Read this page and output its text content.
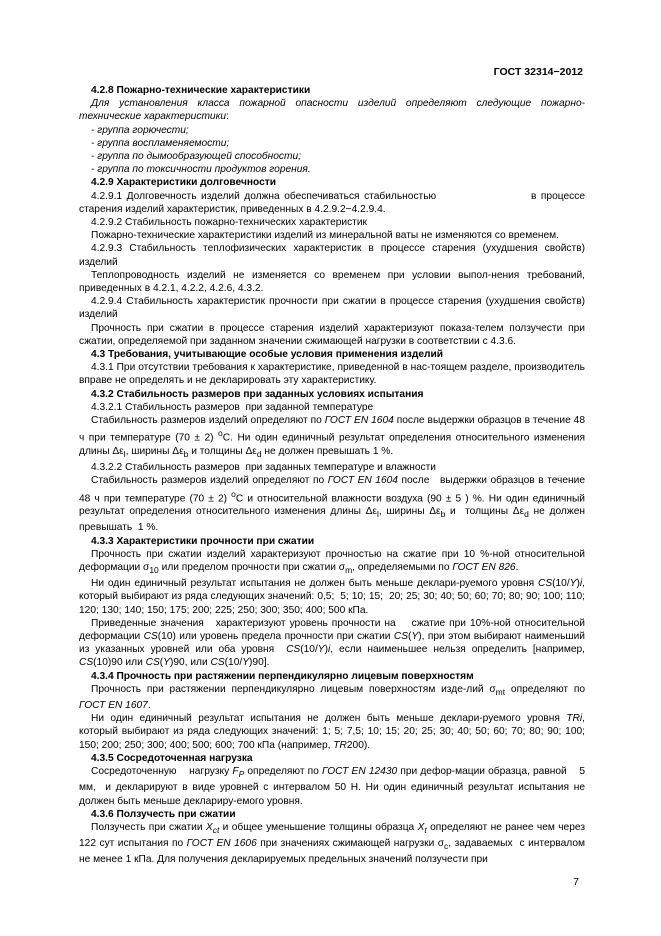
ГОСТ 32314−2012

4.2.8 Пожарно-технические характеристики

Для установления класса пожарной опасности изделий определяют следующие пожарно-технические характеристики:

- группа горючести;

- группа воспламеняемости;

- группа по дымообразующей способности;

- группа по токсичности продуктов горения.

4.2.9 Характеристики долговечности

4.2.9.1 Долговечность изделий должна обеспечиваться стабильностью                     в процессе старения изделий характеристик, приведенных в 4.2.9.2−4.2.9.4.

4.2.9.2 Стабильность пожарно-технических характеристик

Пожарно-технические характеристики изделий из минеральной ваты не изменяются со временем.

4.2.9.3 Стабильность теплофизических характеристик в процессе старения (ухудшения свойств) изделий

Теплопроводность изделий не изменяется со временем при условии выпол-нения требований, приведенных в 4.2.1, 4.2.2, 4.2.6, 4.3.2.

4.2.9.4 Стабильность характеристик прочности при сжатии в процессе старения (ухудшения свойств) изделий

Прочность при сжатии в процессе старения изделий характеризуют показа-телем ползучести при сжатии, определяемой при заданном значении сжимающей нагрузки в соответствии с 4.3.6.

4.3 Требования, учитывающие особые условия применения изделий

4.3.1 При отсутствии требования к характеристике, приведенной в нас-тоящем разделе, производитель вправе не определять и не декларировать эту характеристику.

4.3.2 Стабильность размеров при заданных условиях испытания

4.3.2.1 Стабильность размеров  при заданной температуре

Стабильность размеров изделий определяют по ГОСТ EN 1604 после выдержки образцов в течение 48 ч при температуре (70 ± 2) $^о$С. Ни один единичный результат определения относительного изменения длины $\Delta\varepsilon_l$, ширины $\Delta\varepsilon_b$ и толщины $\Delta\varepsilon_d$ не должен превышать 1 %.

4.3.2.2 Стабильность размеров  при заданных температуре и влажности

Стабильность размеров изделий определяют по ГОСТ EN 1604 после   выдержки образцов в течение 48 ч при температуре (70 ± 2) $^о$С и относительной влажности воздуха (90 ± 5 ) %. Ни один единичный результат определения относительного изменения длины $\Delta\varepsilon_l$, ширины $\Delta\varepsilon_b$ и  толщины $\Delta\varepsilon_d$ не должен превышать  1 %.

4.3.3 Характеристики прочности при сжатии

Прочность при сжатии изделий характеризуют прочностью на сжатие при 10 %-ной относительной деформации $\sigma_{10}$ или пределом прочности при сжатии $\sigma_m$, определяемыми по ГОСТ EN 826.

Ни один единичный результат испытания не должен быть меньше деклари-руемого уровня CS(10/Y)i, который выбирают из ряда следующих значений: 0,5;  5; 10; 15;  20; 25; 30; 40; 50; 60; 70; 80; 90; 100; 110; 120; 130; 140; 150; 175; 200; 225; 250; 300; 350; 400; 500 кПа.

Приведенные значения   характеризуют уровень прочности на    сжатие при 10%-ной относительной деформации CS(10) или уровень предела прочности при сжатии CS(Y), при этом выбирают наименьший из указанных уровней или оба уровня  CS(10/Y)i, если наименьшее нельзя определить [например, CS(10)90 или CS(Y)90, или CS(10/Y)90].

4.3.4 Прочность при растяжении перпендикулярно лицевым поверхностям

Прочность при растяжении перпендикулярно лицевым поверхностям изде-лий $\sigma_{mt}$ определяют по ГОСТ EN 1607.

Ни один единичный результат испытания не должен быть меньше деклари-руемого уровня TRi, который выбирают из ряда следующих значений: 1; 5; 7,5; 10; 15; 20; 25; 30; 40; 50; 60; 70; 80; 90; 100; 150; 200; 250; 300; 400; 500; 600; 700 кПа (например, TR200).

4.3.5 Сосредоточенная нагрузка

Сосредоточенную    нагрузку $F_P$ определяют по ГОСТ EN 12430 при дефор-мации образца, равной    5 мм,  и декларируют в виде уровней с интервалом 50 Н. Ни один единичный результат испытания не должен быть меньше деклариру-емого уровня.

4.3.6 Ползучесть при сжатии

Ползучесть при сжатии $X_{ct}$ и общее уменьшение толщины образца $X_t$ определяют не ранее чем через 122 сут испытания по ГОСТ EN 1606 при значениях сжимающей нагрузки $\sigma_c$, задаваемых  с интервалом не менее 1 кПа. Для получения декларируемых предельных значений ползучести при

7
